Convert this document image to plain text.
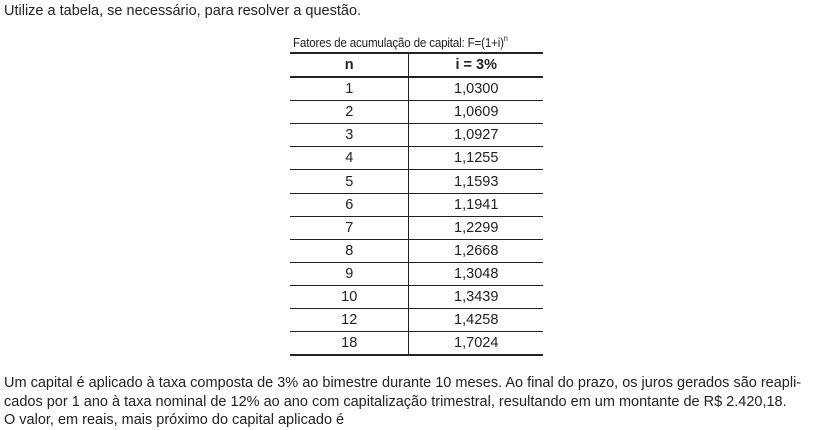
Utilize a tabela, se necessário, para resolver a questão.
Fatores de acumulação de capital: $F=(1+i)^n$
n	i = 3%
1	1,0300
2	1,0609
3	1,0927
4	1,1255
5	1,1593
6	1,1941
7	1,2299
8	1,2668
9	1,3048
10	1,3439
12	1,4258
18	1,7024
Um capital é aplicado à taxa composta de 3% ao bimestre durante 10 meses. Ao final do prazo, os juros gerados são reapli-
cados por 1 ano à taxa nominal de 12% ao ano com capitalização trimestral, resultando em um montante de R$ 2.420,18.
O valor, em reais, mais próximo do capital aplicado é
